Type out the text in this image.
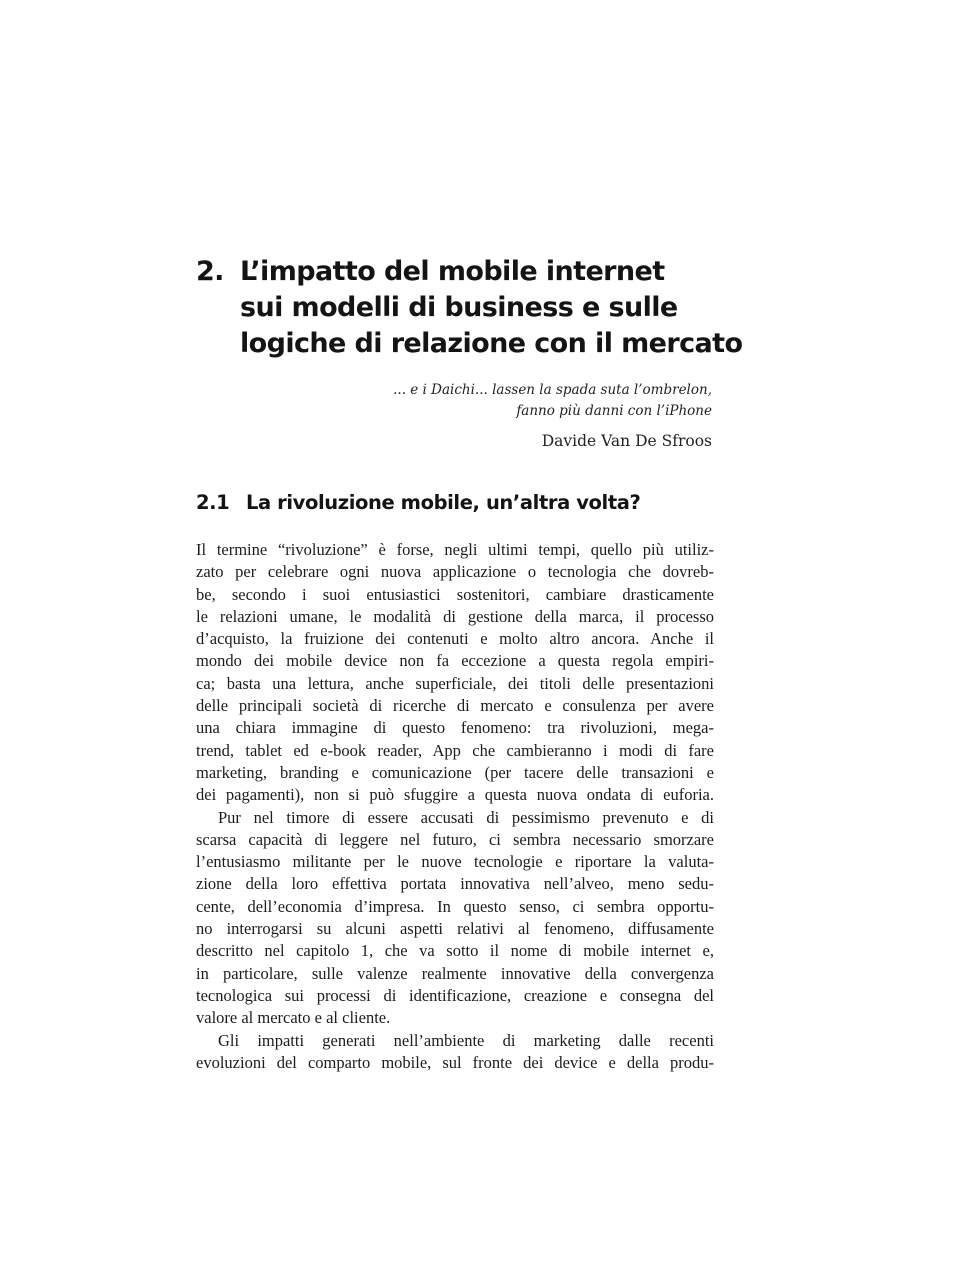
2. L’impatto del mobile internet
sui modelli di business e sulle
logiche di relazione con il mercato
... e i Daichi... lassen la spada suta l’ombrelon,
fanno più danni con l’iPhone
Davide Van De Sfroos
2.1 La rivoluzione mobile, un’altra volta?
Il termine “rivoluzione” è forse, negli ultimi tempi, quello più utiliz-
zato per celebrare ogni nuova applicazione o tecnologia che dovreb-
be, secondo i suoi entusiastici sostenitori, cambiare drasticamente
le relazioni umane, le modalità di gestione della marca, il processo
d’acquisto, la fruizione dei contenuti e molto altro ancora. Anche il
mondo dei mobile device non fa eccezione a questa regola empiri-
ca; basta una lettura, anche superficiale, dei titoli delle presentazioni
delle principali società di ricerche di mercato e consulenza per avere
una chiara immagine di questo fenomeno: tra rivoluzioni, mega-
trend, tablet ed e-book reader, App che cambieranno i modi di fare
marketing, branding e comunicazione (per tacere delle transazioni e
dei pagamenti), non si può sfuggire a questa nuova ondata di euforia.
Pur nel timore di essere accusati di pessimismo prevenuto e di
scarsa capacità di leggere nel futuro, ci sembra necessario smorzare
l’entusiasmo militante per le nuove tecnologie e riportare la valuta-
zione della loro effettiva portata innovativa nell’alveo, meno sedu-
cente, dell’economia d’impresa. In questo senso, ci sembra opportu-
no interrogarsi su alcuni aspetti relativi al fenomeno, diffusamente
descritto nel capitolo 1, che va sotto il nome di mobile internet e,
in particolare, sulle valenze realmente innovative della convergenza
tecnologica sui processi di identificazione, creazione e consegna del
valore al mercato e al cliente.
Gli impatti generati nell’ambiente di marketing dalle recenti
evoluzioni del comparto mobile, sul fronte dei device e della produ-
